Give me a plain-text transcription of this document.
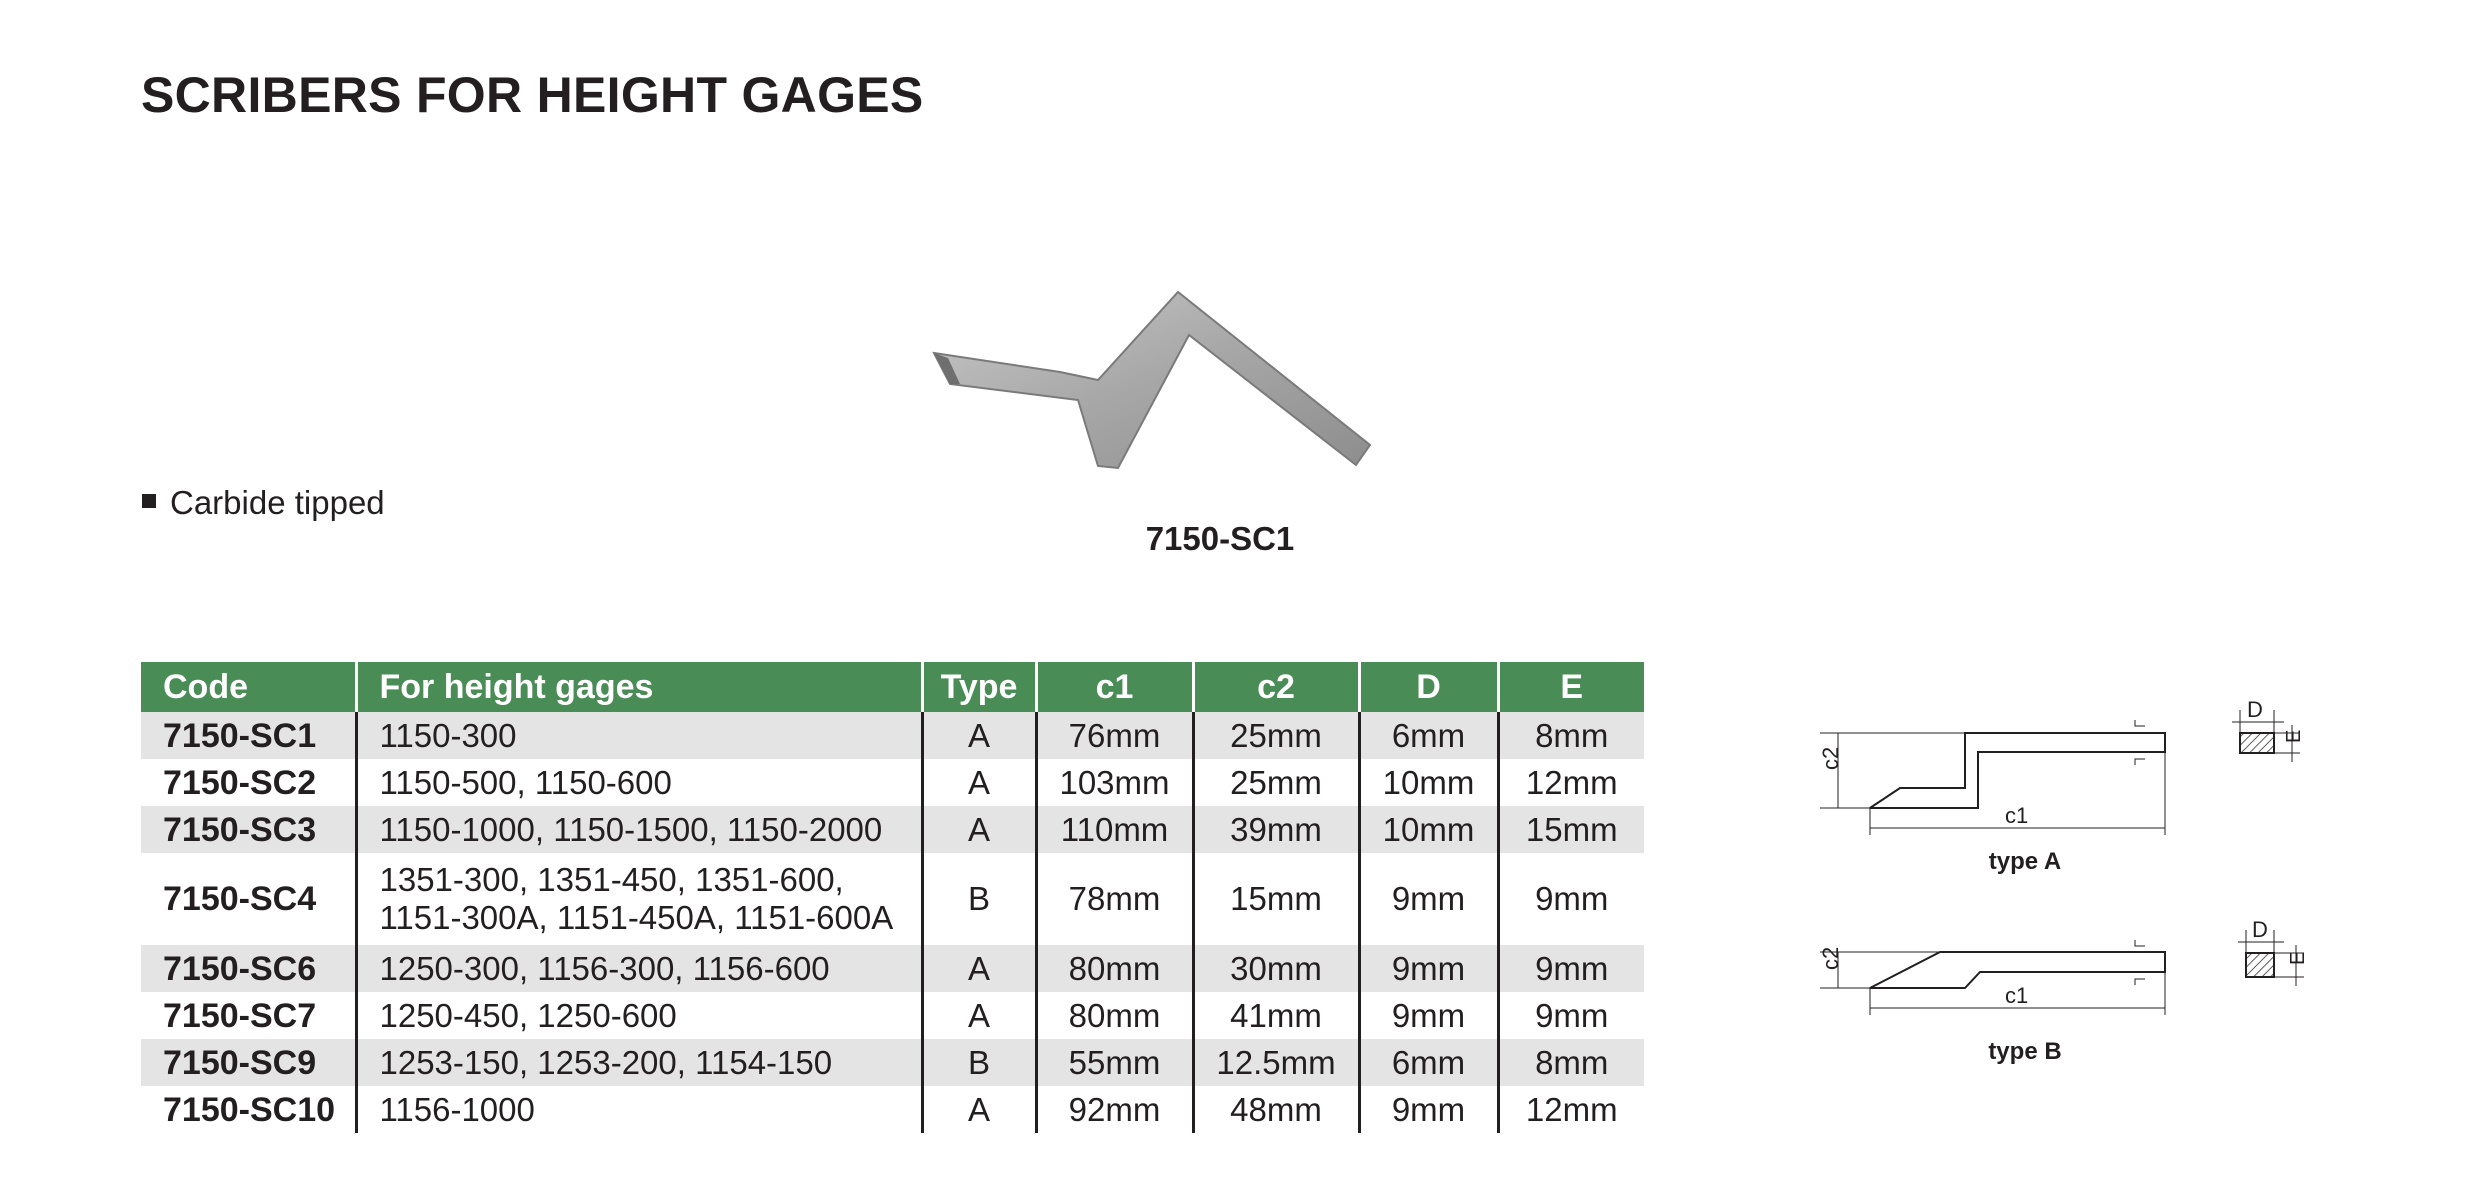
SCRIBERS FOR HEIGHT GAGES
Carbide tipped
7150-SC1
Code	For height gages	Type	c1	c2	D	E
7150-SC1	1150-300	A	76mm	25mm	6mm	8mm
7150-SC2	1150-500, 1150-600	A	103mm	25mm	10mm	12mm
7150-SC3	1150-1000, 1150-1500, 1150-2000	A	110mm	39mm	10mm	15mm
7150-SC4	1351-300, 1351-450, 1351-600,
1151-300A, 1151-450A, 1151-600A	B	78mm	15mm	9mm	9mm
7150-SC6	1250-300, 1156-300, 1156-600	A	80mm	30mm	9mm	9mm
7150-SC7	1250-450, 1250-600	A	80mm	41mm	9mm	9mm
7150-SC9	1253-150, 1253-200, 1154-150	B	55mm	12.5mm	6mm	8mm
7150-SC10	1156-1000	A	92mm	48mm	9mm	12mm
c2
c1
type A
D
E
c2
c1
type B
D
E
